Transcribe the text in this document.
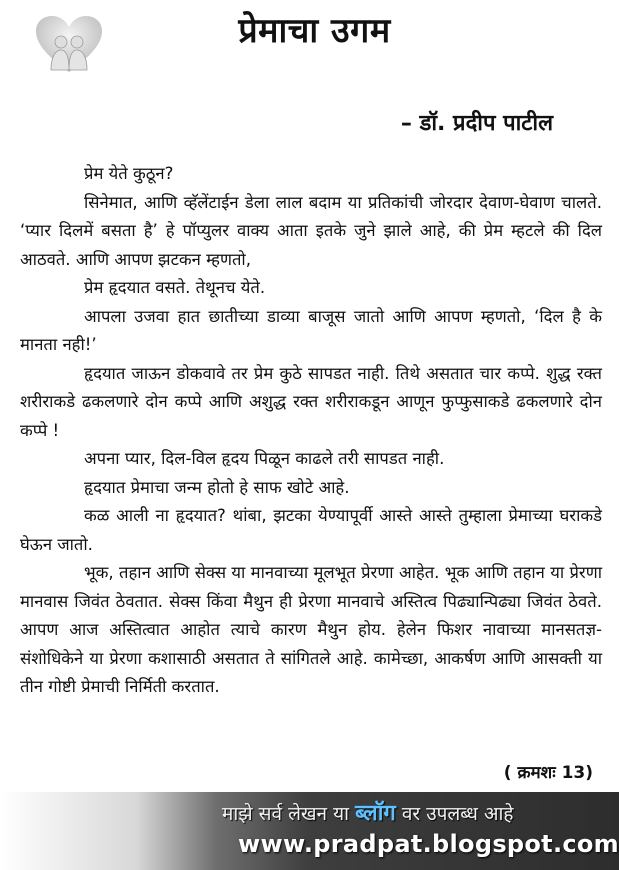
प्रेमाचा उगम
– डॉ. प्रदीप पाटील

प्रेम येते कुठून?

सिनेमात, आणि व्हॅलेंटाईन डेला लाल बदाम या प्रतिकांची जोरदार देवाण-घेवाण चालते. ‘प्यार दिलमें बसता है’ हे पॉप्युलर वाक्य आता इतके जुने झाले आहे, की प्रेम म्हटले की दिल आठवते. आणि आपण झटकन म्हणतो,

प्रेम हृदयात वसते. तेथूनच येते.

आपला उजवा हात छातीच्या डाव्या बाजूस जातो आणि आपण म्हणतो, ‘दिल है के मानता नही!’

हृदयात जाऊन डोकवावे तर प्रेम कुठे सापडत नाही. तिथे असतात चार कप्पे. शुद्ध रक्त शरीराकडे ढकलणारे दोन कप्पे आणि अशुद्ध रक्त शरीराकडून आणून फुप्फुसाकडे ढकलणारे दोन कप्पे !

अपना प्यार, दिल-विल हृदय पिळून काढले तरी सापडत नाही.

हृदयात प्रेमाचा जन्म होतो हे साफ खोटे आहे.

कळ आली ना हृदयात? थांबा, झटका येण्यापूर्वी आस्ते आस्ते तुम्हाला प्रेमाच्या घराकडे घेऊन जातो.

भूक, तहान आणि सेक्स या मानवाच्या मूलभूत प्रेरणा आहेत. भूक आणि तहान या प्रेरणा मानवास जिवंत ठेवतात. सेक्स किंवा मैथुन ही प्रेरणा मानवाचे अस्तित्व पिढ्यान्पिढ्या जिवंत ठेवते. आपण आज अस्तित्वात आहोत त्याचे कारण मैथुन होय. हेलेन फिशर नावाच्या मानसतज्ञ-संशोधिकेने या प्रेरणा कशासाठी असतात ते सांगितले आहे. कामेच्छा, आकर्षण आणि आसक्ती या तीन गोष्टी प्रेमाची निर्मिती करतात.

( क्रमशः 13)
माझे सर्व लेखन या ब्लॉग वर उपलब्ध आहे
www.pradpat.blogspot.com
